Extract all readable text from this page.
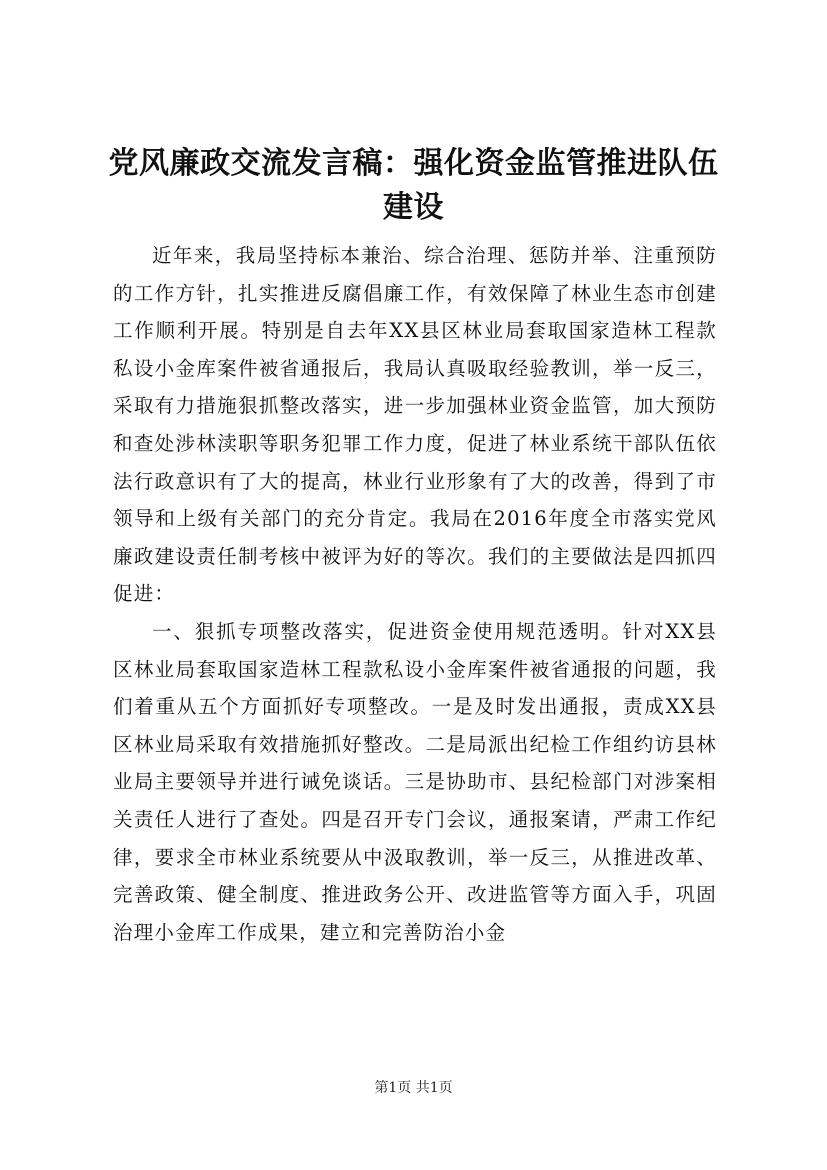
党风廉政交流发言稿：强化资金监管推进队伍建设

近年来，我局坚持标本兼治、综合治理、惩防并举、注重预防的工作方针，扎实推进反腐倡廉工作，有效保障了林业生态市创建工作顺利开展。特别是自去年XX县区林业局套取国家造林工程款私设小金库案件被省通报后，我局认真吸取经验教训，举一反三，采取有力措施狠抓整改落实，进一步加强林业资金监管，加大预防和查处涉林渎职等职务犯罪工作力度，促进了林业系统干部队伍依法行政意识有了大的提高，林业行业形象有了大的改善，得到了市领导和上级有关部门的充分肯定。我局在2016年度全市落实党风廉政建设责任制考核中被评为好的等次。我们的主要做法是四抓四促进：

一、狠抓专项整改落实，促进资金使用规范透明。针对XX县区林业局套取国家造林工程款私设小金库案件被省通报的问题，我们着重从五个方面抓好专项整改。一是及时发出通报，责成XX县区林业局采取有效措施抓好整改。二是局派出纪检工作组约访县林业局主要领导并进行诫免谈话。三是协助市、县纪检部门对涉案相关责任人进行了查处。四是召开专门会议，通报案请，严肃工作纪律，要求全市林业系统要从中汲取教训，举一反三，从推进改革、完善政策、健全制度、推进政务公开、改进监管等方面入手，巩固治理小金库工作成果，建立和完善防治小金

第1页 共1页
